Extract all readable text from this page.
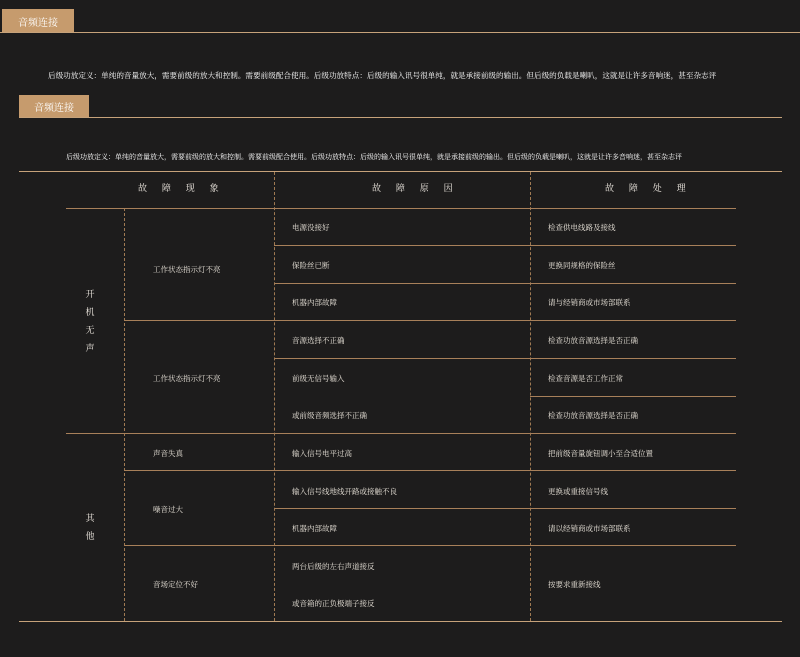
音频连接
后级功放定义：单纯的音量放大，需要前级的放大和控制。需要前级配合使用。后级功放特点：后级的输入讯号很单纯，就是承接前级的输出。但后级的负载是喇叭，这就是让许多音响迷，甚至杂志评
音频连接
后级功放定义：单纯的音量放大，需要前级的放大和控制。需要前级配合使用。后级功放特点：后级的输入讯号很单纯，就是承接前级的输出。但后级的负载是喇叭，这就是让许多音响迷，甚至杂志评
故 障 现 象	故 障 原 因	故 障 处 理
开
机
无
声
其
他
工作状态指示灯不亮
工作状态指示灯不亮
声音失真
噪音过大
音场定位不好
电源没接好
保险丝已断
机器内部故障
音源选择不正确
前级无信号输入
或前级音频选择不正确
输入信号电平过高
输入信号线地线开路或接触不良
机器内部故障
两台后级的左右声道接反
或音箱的正负极端子接反
检查供电线路及接线
更换同规格的保险丝
请与经销商或市场部联系
检查功放音源选择是否正确
检查音源是否工作正常
检查功放音源选择是否正确
把前级音量旋钮调小至合适位置
更换或重接信号线
请以经销商或市场部联系
按要求重新接线
